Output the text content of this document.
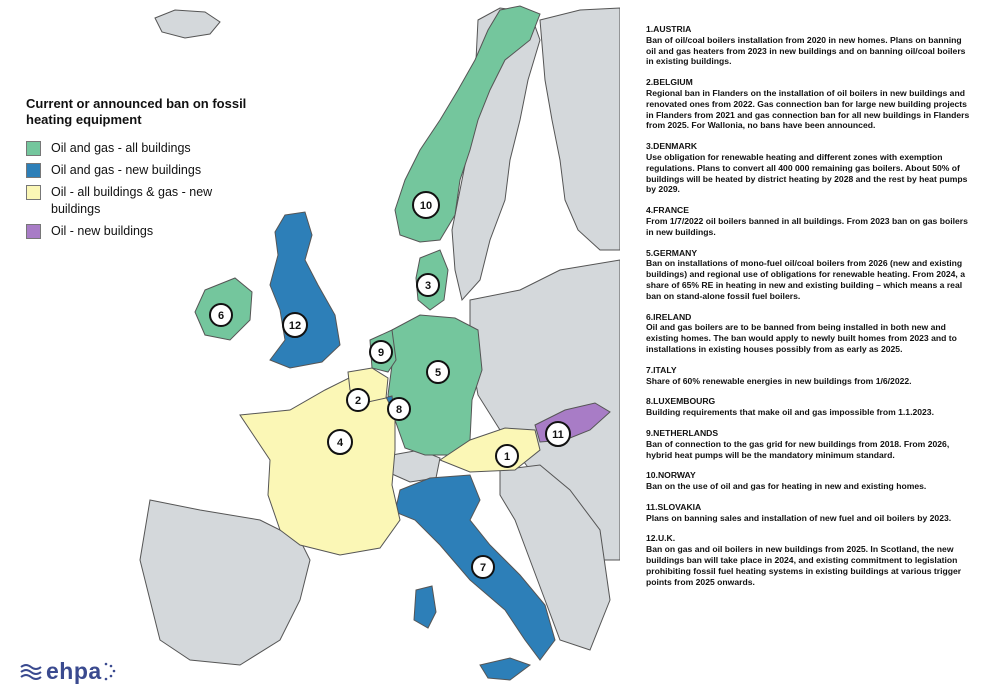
1
2
3
4
5
6
7
8
9
10
11
12
Current or announced ban on fossil heating equipment
Oil and gas - all buildings
Oil and gas - new buildings
Oil - all buildings & gas - new buildings
Oil - new buildings
1.AUSTRIA
Ban of oil/coal boilers installation from 2020 in new homes. Plans on banning oil and gas heaters from 2023 in new buildings and on banning oil/coal boilers in existing buildings.
2.BELGIUM
Regional ban in Flanders on the installation of oil boilers in new buildings and renovated ones from 2022. Gas connection ban for large new building projects in Flanders from 2021 and gas connection ban for all new buildings in Flanders from 2025. For Wallonia, no bans have been announced.
3.DENMARK
Use obligation for renewable heating and different zones with exemption regulations. Plans to convert all 400 000 remaining gas boilers. About 50% of buildings will be heated by district heating by 2028 and the rest by heat pumps by 2029.
4.FRANCE
From 1/7/2022 oil boilers banned in all buildings. From 2023 ban on gas boilers in new buildings.
5.GERMANY
Ban on installations of mono-fuel oil/coal boilers from 2026 (new and existing buildings) and regional use of obligations for renewable heating. From 2024, a share of 65% RE in heating in new and existing building – which means a real ban on stand-alone fossil fuel boilers.
6.IRELAND
Oil and gas boilers are to be banned from being installed in both new and existing homes. The ban would apply to newly built homes from 2023 and to installations in existing houses possibly from as early as 2025.
7.ITALY
Share of 60% renewable energies in new buildings from 1/6/2022.
8.LUXEMBOURG
Building requirements that make oil and gas impossible from 1.1.2023.
9.NETHERLANDS
Ban of connection to the gas grid for new buildings from 2018. From 2026, hybrid heat pumps will be the mandatory minimum standard.
10.NORWAY
Ban on the use of oil and gas for heating in new and existing homes.
11.SLOVAKIA
Plans on banning sales and installation of new fuel and oil boilers by 2023.
12.U.K.
Ban on gas and oil boilers in new buildings from 2025. In Scotland, the new buildings ban will take place in 2024, and existing commitment to legislation prohibiting fossil fuel heating systems in existing buildings at various trigger points from 2025 onwards.
ehpa
